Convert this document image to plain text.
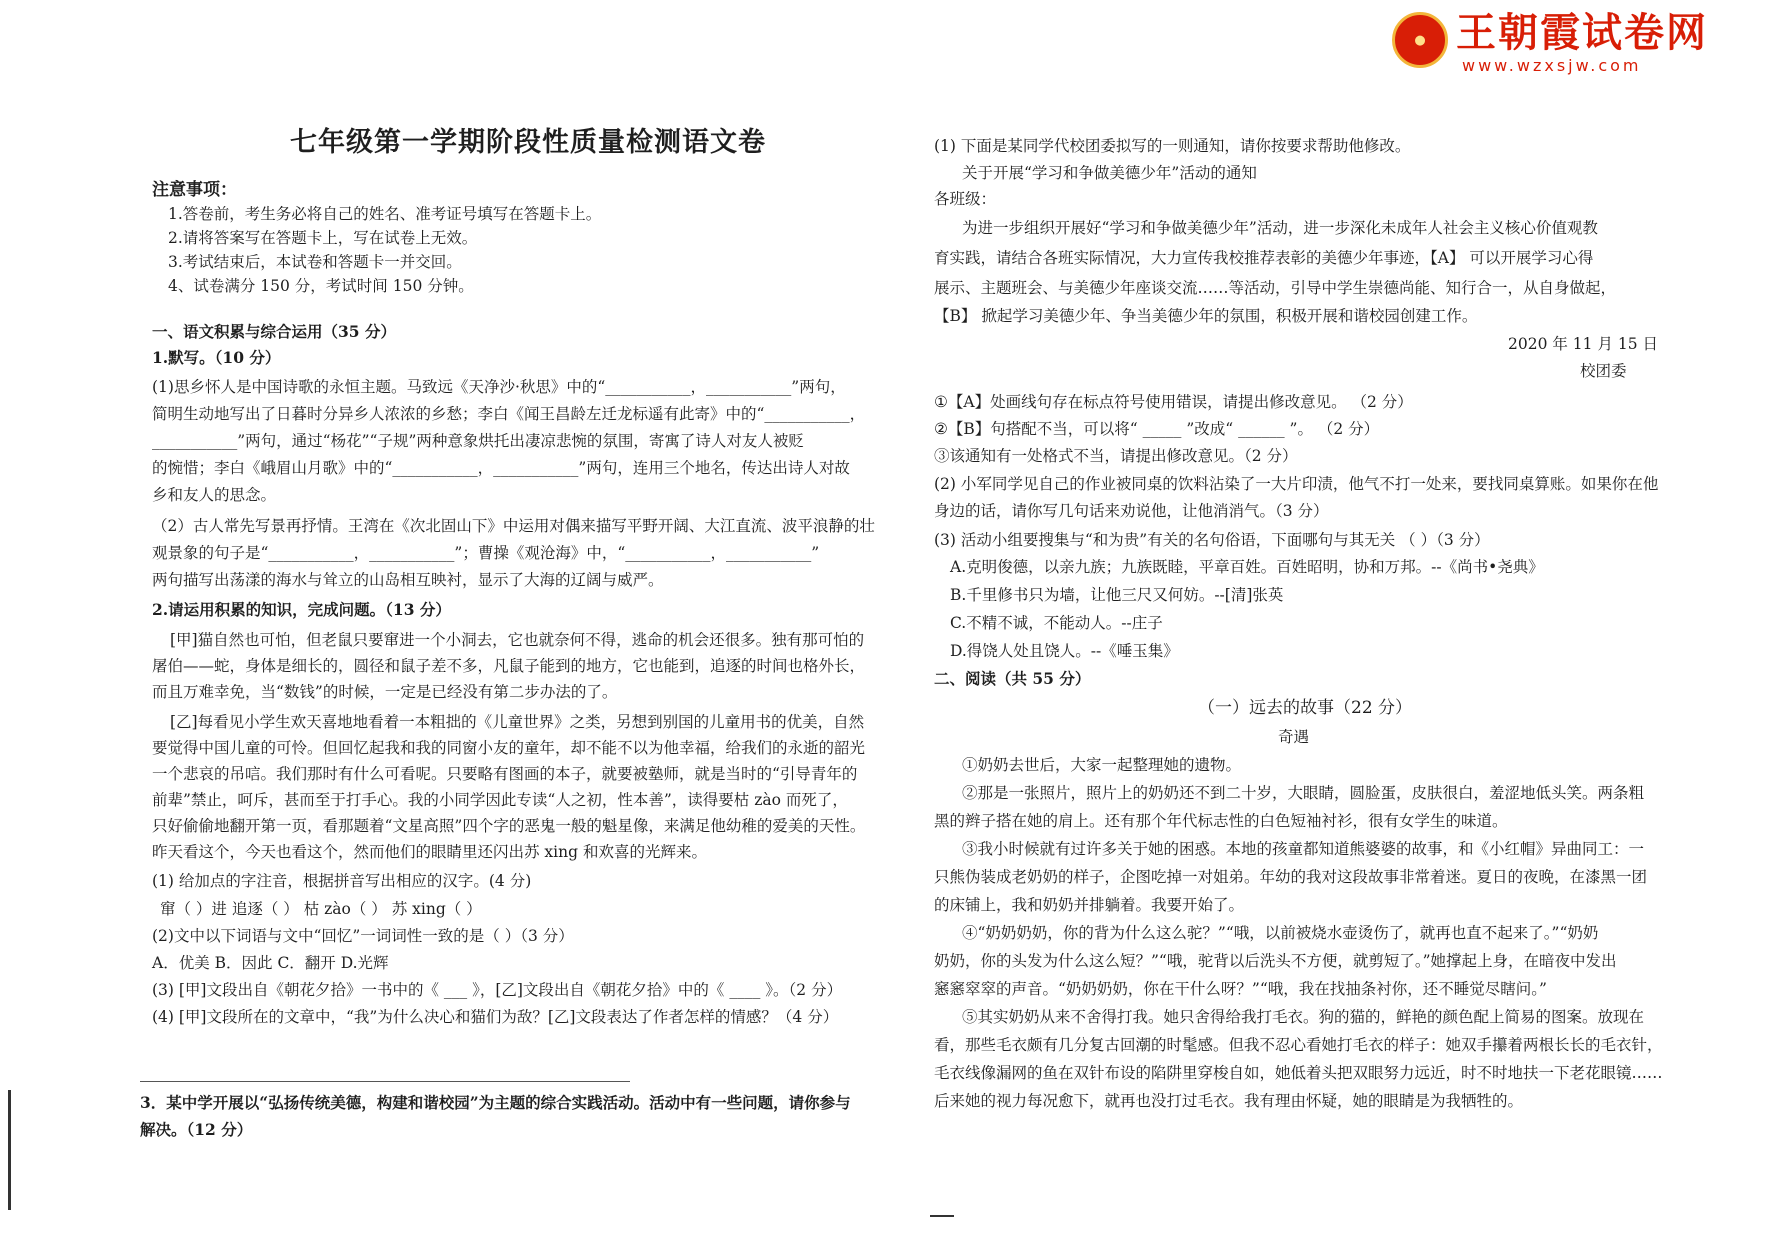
● 王朝霞试卷网
www.wzxsjw.com
七年级第一学期阶段性质量检测语文卷
注意事项：
1.答卷前，考生务必将自己的姓名、准考证号填写在答题卡上。
2.请将答案写在答题卡上，写在试卷上无效。
3.考试结束后，本试卷和答题卡一并交回。
4、试卷满分 150 分，考试时间 150 分钟。
一、语文积累与综合运用（35 分）
1.默写。（10 分）
(1)思乡怀人是中国诗歌的永恒主题。马致远《天净沙·秋思》中的“___________，___________”两句，
简明生动地写出了日暮时分异乡人浓浓的乡愁；李白《闻王昌龄左迁龙标遥有此寄》中的“___________，
___________”两句，通过“杨花”“子规”两种意象烘托出凄凉悲惋的氛围，寄寓了诗人对友人被贬
的惋惜；李白《峨眉山月歌》中的“___________，___________”两句，连用三个地名，传达出诗人对故
乡和友人的思念。
（2）古人常先写景再抒情。王湾在《次北固山下》中运用对偶来描写平野开阔、大江直流、波平浪静的壮
观景象的句子是“___________，___________”；曹操《观沧海》中，“___________，___________”
两句描写出荡漾的海水与耸立的山岛相互映衬，显示了大海的辽阔与威严。
2.请运用积累的知识，完成问题。（13 分）
[甲]猫自然也可怕，但老鼠只要窜进一个小洞去，它也就奈何不得，逃命的机会还很多。独有那可怕的
屠伯——蛇，身体是细长的，圆径和鼠子差不多，凡鼠子能到的地方，它也能到，追逐的时间也格外长，
而且万难幸免，当“数钱”的时候，一定是已经没有第二步办法的了。
[乙]每看见小学生欢天喜地地看着一本粗拙的《儿童世界》之类，另想到别国的儿童用书的优美，自然
要觉得中国儿童的可怜。但回忆起我和我的同窗小友的童年，却不能不以为他幸福，给我们的永逝的韶光
一个悲哀的吊唁。我们那时有什么可看呢。只要略有图画的本子，就要被塾师，就是当时的“引导青年的
前辈”禁止，呵斥，甚而至于打手心。我的小同学因此专读“人之初，性本善”，读得要枯 zào 而死了，
只好偷偷地翻开第一页，看那题着“文星高照”四个字的恶鬼一般的魁星像，来满足他幼稚的爱美的天性。
昨天看这个，今天也看这个，然而他们的眼睛里还闪出苏 xing 和欢喜的光辉来。
(1) 给加点的字注音，根据拼音写出相应的汉字。(4 分)
窜（ ）进 追逐（ ） 枯 zào（ ） 苏 xing（ ）
(2)文中以下词语与文中“回忆”一词词性一致的是（ ）（3 分）
A．优美 B．因此 C．翻开 D.光辉
(3) [甲]文段出自《朝花夕拾》一书中的《 ___ 》，[乙]文段出自《朝花夕拾》中的《 ____ 》。（2 分）
(4) [甲]文段所在的文章中，“我”为什么决心和猫们为敌？[乙]文段表达了作者怎样的情感？（4 分）
3．某中学开展以“弘扬传统美德，构建和谐校园”为主题的综合实践活动。活动中有一些问题，请你参与
解决。（12 分）
(1) 下面是某同学代校团委拟写的一则通知，请你按要求帮助他修改。
关于开展“学习和争做美德少年”活动的通知
各班级：
为进一步组织开展好“学习和争做美德少年”活动，进一步深化未成年人社会主义核心价值观教
育实践，请结合各班实际情况，大力宣传我校推荐表彰的美德少年事迹，【A】 可以开展学习心得
展示、主题班会、与美德少年座谈交流……等活动，引导中学生崇德尚能、知行合一，从自身做起，
【B】 掀起学习美德少年、争当美德少年的氛围，积极开展和谐校园创建工作。
2020 年 11 月 15 日
校团委
①【A】处画线句存在标点符号使用错误，请提出修改意见。 （2 分）
②【B】句搭配不当，可以将“ _____ ”改成“ ______ ”。 （2 分）
③该通知有一处格式不当，请提出修改意见。（2 分）
(2) 小军同学见自己的作业被同桌的饮料沾染了一大片印渍，他气不打一处来，要找同桌算账。如果你在他
身边的话，请你写几句话来劝说他，让他消消气。（3 分）
(3) 活动小组要搜集与“和为贵”有关的名句俗语，下面哪句与其无关 （ ）（3 分）
A.克明俊德，以亲九族；九族既睦，平章百姓。百姓昭明，协和万邦。--《尚书•尧典》
B.千里修书只为墙，让他三尺又何妨。--[清]张英
C.不精不诚，不能动人。--庄子
D.得饶人处且饶人。--《唾玉集》
二、阅读（共 55 分）
（一）远去的故事（22 分）
奇遇
①奶奶去世后，大家一起整理她的遗物。
②那是一张照片，照片上的奶奶还不到二十岁，大眼睛，圆脸蛋，皮肤很白，羞涩地低头笑。两条粗
黑的辫子搭在她的肩上。还有那个年代标志性的白色短袖衬衫，很有女学生的味道。
③我小时候就有过许多关于她的困惑。本地的孩童都知道熊婆婆的故事，和《小红帽》异曲同工：一
只熊伪装成老奶奶的样子，企图吃掉一对姐弟。年幼的我对这段故事非常着迷。夏日的夜晚，在漆黑一团
的床铺上，我和奶奶并排躺着。我要开始了。
④“奶奶奶奶，你的背为什么这么驼？”“哦，以前被烧水壶烫伤了，就再也直不起来了。”“奶奶
奶奶，你的头发为什么这么短？”“哦，驼背以后洗头不方便，就剪短了。”她撑起上身，在暗夜中发出
窸窸窣窣的声音。“奶奶奶奶，你在干什么呀？”“哦，我在找抽条衬你，还不睡觉尽瞎问。”
⑤其实奶奶从来不舍得打我。她只舍得给我打毛衣。狗的猫的，鲜艳的颜色配上简易的图案。放现在
看，那些毛衣颇有几分复古回潮的时髦感。但我不忍心看她打毛衣的样子：她双手攥着两根长长的毛衣针，
毛衣线像漏网的鱼在双针布设的陷阱里穿梭自如，她低着头把双眼努力远近，时不时地扶一下老花眼镜……
后来她的视力每况愈下，就再也没打过毛衣。我有理由怀疑，她的眼睛是为我牺牲的。
